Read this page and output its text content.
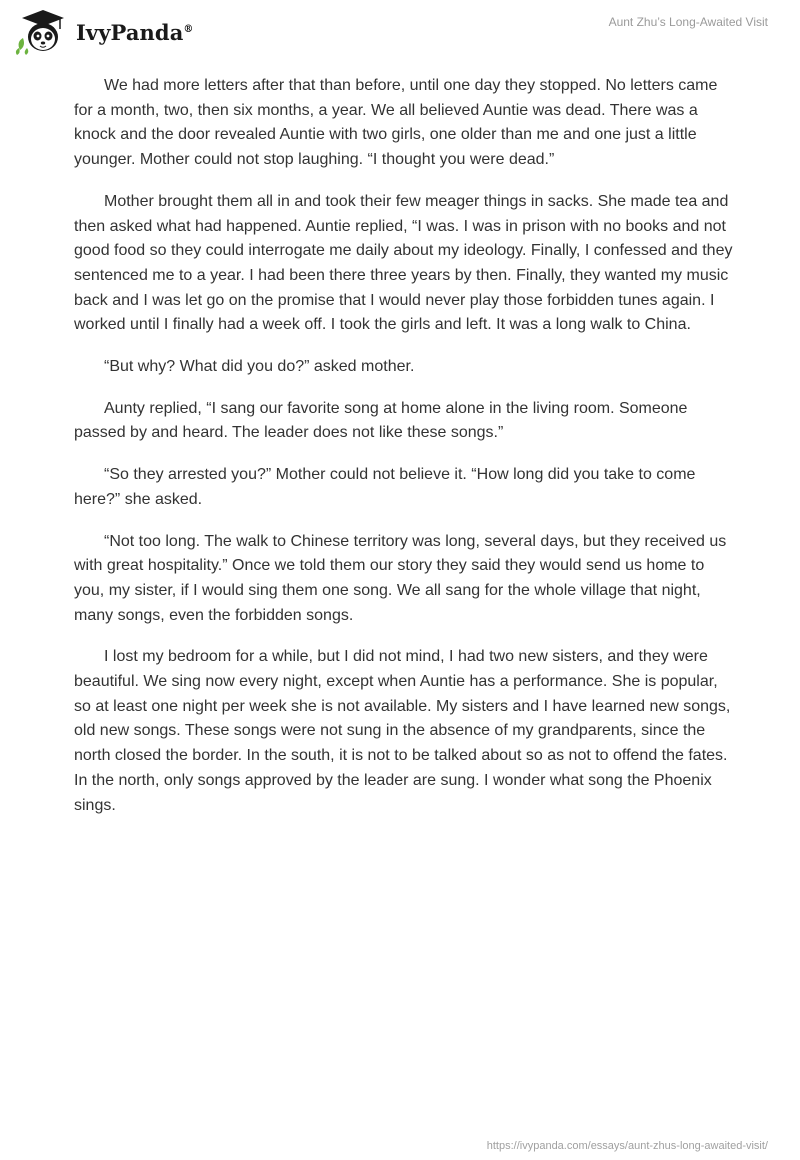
IvyPanda®	Aunt Zhu’s Long-Awaited Visit

We had more letters after that than before, until one day they stopped. No letters came for a month, two, then six months, a year. We all believed Auntie was dead. There was a knock and the door revealed Auntie with two girls, one older than me and one just a little younger. Mother could not stop laughing. “I thought you were dead.”

Mother brought them all in and took their few meager things in sacks. She made tea and then asked what had happened. Auntie replied, “I was. I was in prison with no books and not good food so they could interrogate me daily about my ideology. Finally, I confessed and they sentenced me to a year. I had been there three years by then. Finally, they wanted my music back and I was let go on the promise that I would never play those forbidden tunes again. I worked until I finally had a week off. I took the girls and left. It was a long walk to China.

“But why? What did you do?” asked mother.

Aunty replied, “I sang our favorite song at home alone in the living room. Someone passed by and heard. The leader does not like these songs.”

“So they arrested you?” Mother could not believe it. “How long did you take to come here?” she asked.

“Not too long. The walk to Chinese territory was long, several days, but they received us with great hospitality.” Once we told them our story they said they would send us home to you, my sister, if I would sing them one song. We all sang for the whole village that night, many songs, even the forbidden songs.

I lost my bedroom for a while, but I did not mind, I had two new sisters, and they were beautiful. We sing now every night, except when Auntie has a performance. She is popular, so at least one night per week she is not available. My sisters and I have learned new songs, old new songs. These songs were not sung in the absence of my grandparents, since the north closed the border. In the south, it is not to be talked about so as not to offend the fates. In the north, only songs approved by the leader are sung. I wonder what song the Phoenix sings.

https://ivypanda.com/essays/aunt-zhus-long-awaited-visit/
